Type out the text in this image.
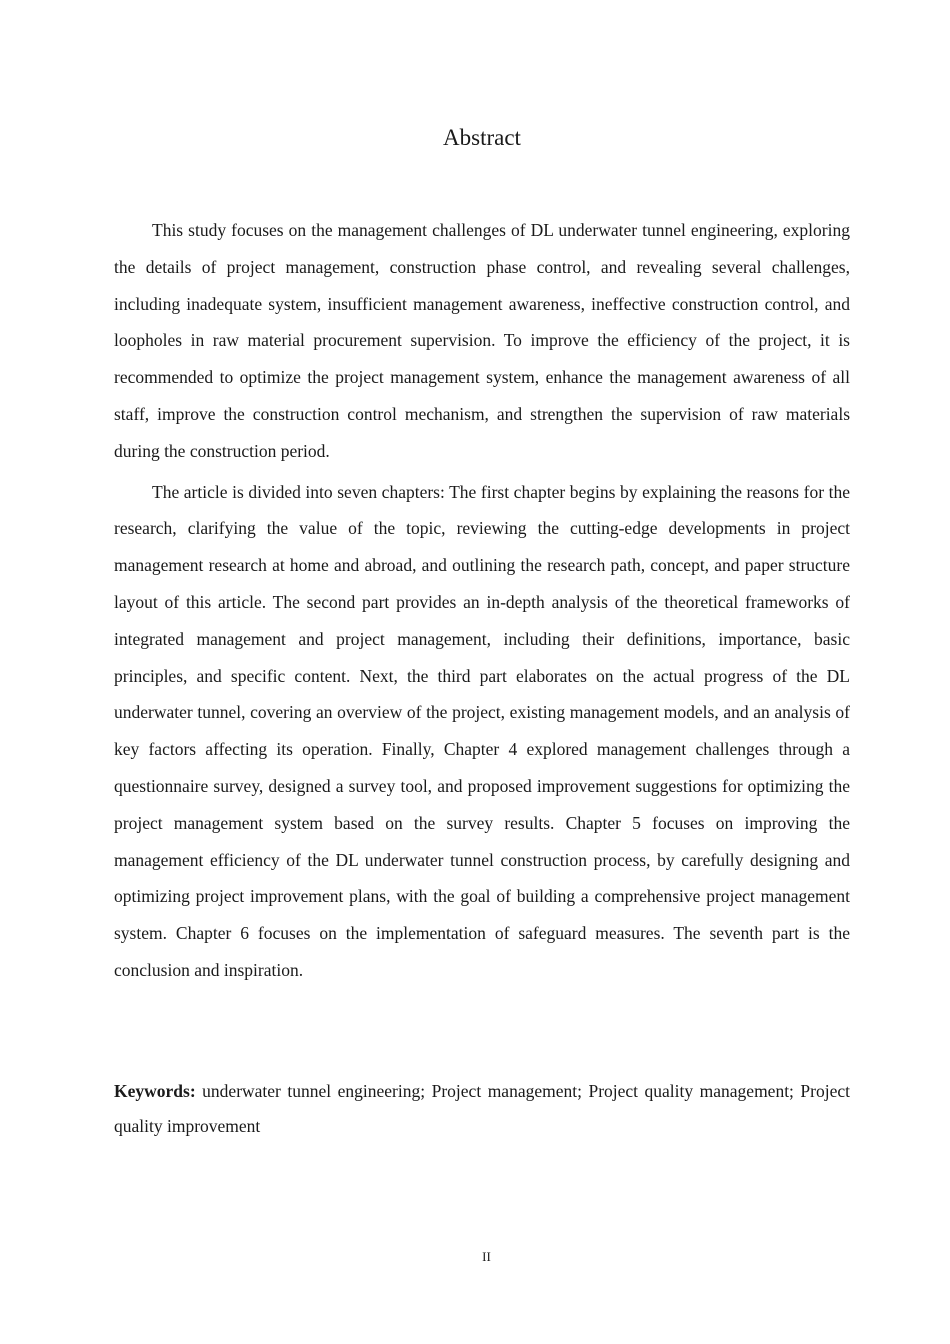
Abstract

This study focuses on the management challenges of DL underwater tunnel engineering, exploring the details of project management, construction phase control, and revealing several challenges, including inadequate system, insufficient management awareness, ineffective construction control, and loopholes in raw material procurement supervision. To improve the efficiency of the project, it is recommended to optimize the project management system, enhance the management awareness of all staff, improve the construction control mechanism, and strengthen the supervision of raw materials during the construction period.

The article is divided into seven chapters: The first chapter begins by explaining the reasons for the research, clarifying the value of the topic, reviewing the cutting-edge developments in project management research at home and abroad, and outlining the research path, concept, and paper structure layout of this article. The second part provides an in-depth analysis of the theoretical frameworks of integrated management and project management, including their definitions, importance, basic principles, and specific content. Next, the third part elaborates on the actual progress of the DL underwater tunnel, covering an overview of the project, existing management models, and an analysis of key factors affecting its operation. Finally, Chapter 4 explored management challenges through a questionnaire survey, designed a survey tool, and proposed improvement suggestions for optimizing the project management system based on the survey results. Chapter 5 focuses on improving the management efficiency of the DL underwater tunnel construction process, by carefully designing and optimizing project improvement plans, with the goal of building a comprehensive project management system. Chapter 6 focuses on the implementation of safeguard measures. The seventh part is the conclusion and inspiration.

Keywords: underwater tunnel engineering; Project management; Project quality management; Project quality improvement

II
